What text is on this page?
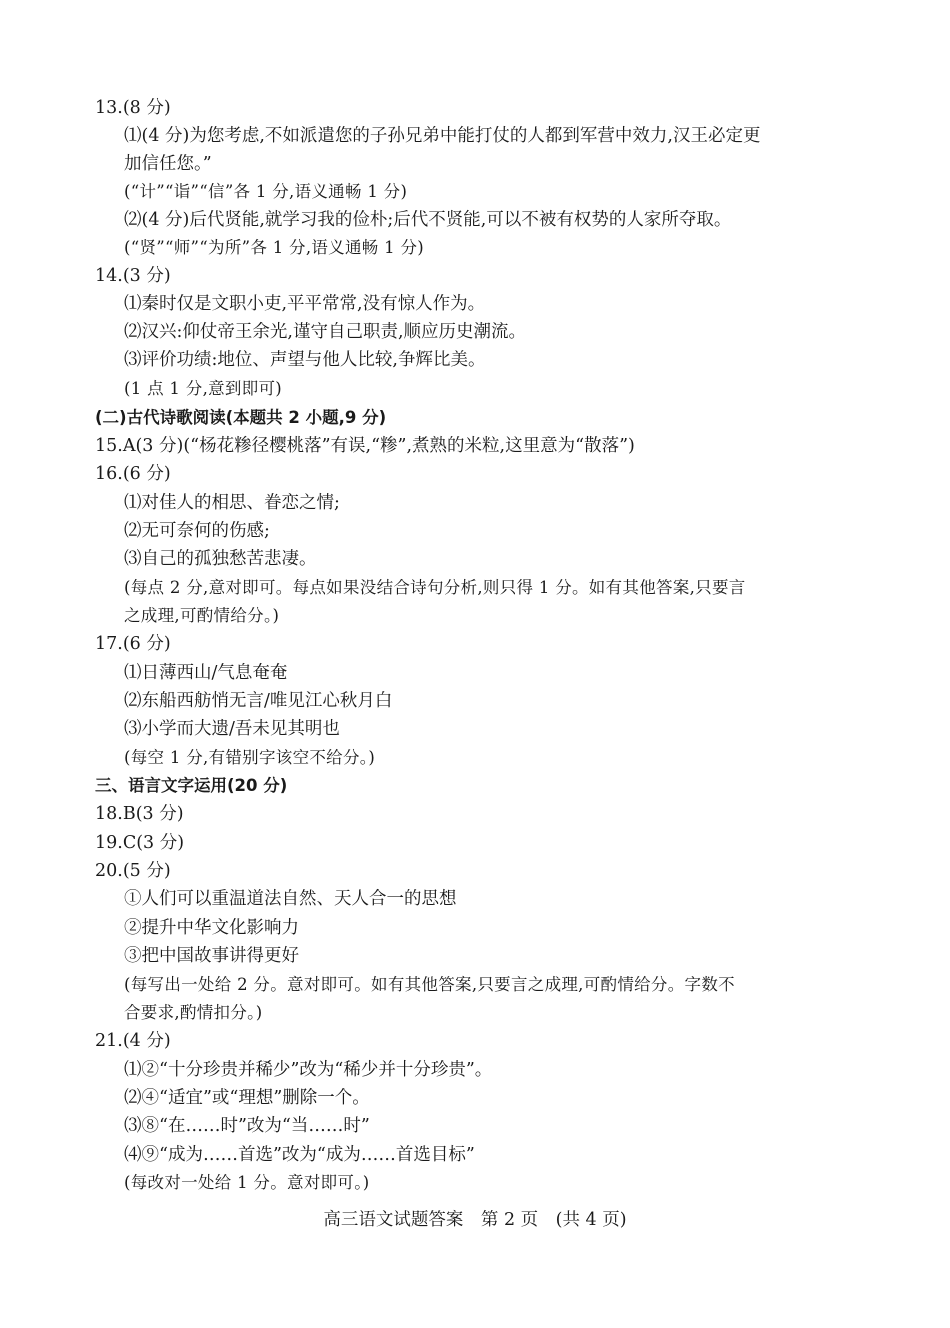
13.(8 分)
⑴(4 分)为您考虑,不如派遣您的子孙兄弟中能打仗的人都到军营中效力,汉王必定更
加信任您。”
(“计”“诣”“信”各 1 分,语义通畅 1 分)
⑵(4 分)后代贤能,就学习我的俭朴;后代不贤能,可以不被有权势的人家所夺取。
(“贤”“师”“为所”各 1 分,语义通畅 1 分)
14.(3 分)
⑴秦时仅是文职小吏,平平常常,没有惊人作为。
⑵汉兴:仰仗帝王余光,谨守自己职责,顺应历史潮流。
⑶评价功绩:地位、声望与他人比较,争辉比美。
(1 点 1 分,意到即可)
(二)古代诗歌阅读(本题共 2 小题,9 分)
15.A(3 分)(“杨花糁径樱桃落”有误,“糁”,煮熟的米粒,这里意为“散落”)
16.(6 分)
⑴对佳人的相思、眷恋之情;
⑵无可奈何的伤感;
⑶自己的孤独愁苦悲凄。
(每点 2 分,意对即可。每点如果没结合诗句分析,则只得 1 分。如有其他答案,只要言
之成理,可酌情给分。)
17.(6 分)
⑴日薄西山/气息奄奄
⑵东船西舫悄无言/唯见江心秋月白
⑶小学而大遗/吾未见其明也
(每空 1 分,有错别字该空不给分。)
三、语言文字运用(20 分)
18.B(3 分)
19.C(3 分)
20.(5 分)
①人们可以重温道法自然、天人合一的思想
②提升中华文化影响力
③把中国故事讲得更好
(每写出一处给 2 分。意对即可。如有其他答案,只要言之成理,可酌情给分。字数不
合要求,酌情扣分。)
21.(4 分)
⑴②“十分珍贵并稀少”改为“稀少并十分珍贵”。
⑵④“适宜”或“理想”删除一个。
⑶⑧“在……时”改为“当……时”
⑷⑨“成为……首选”改为“成为……首选目标”
(每改对一处给 1 分。意对即可。)
高三语文试题答案　第 2 页　(共 4 页)
